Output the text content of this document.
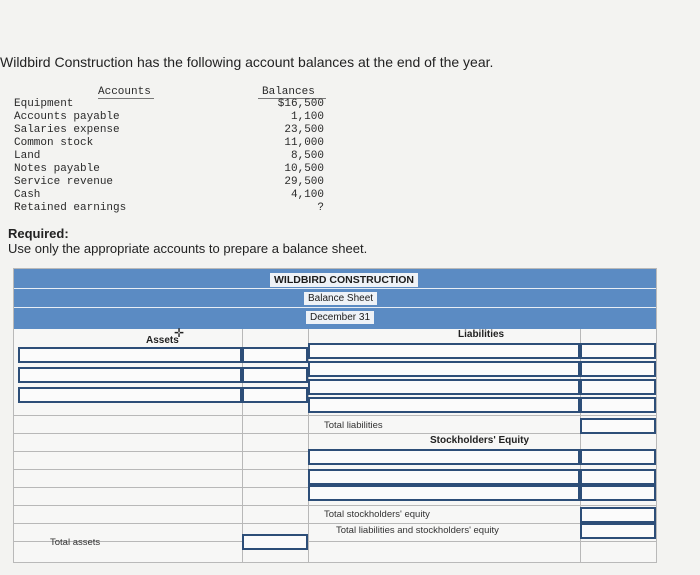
Wildbird Construction has the following account balances at the end of the year.

Accounts	Balances
Equipment	$16,500
Accounts payable	1,100
Salaries expense	23,500
Common stock	11,000
Land	8,500
Notes payable	10,500
Service revenue	29,500
Cash	4,100
Retained earnings	?
Required:
Use only the appropriate accounts to prepare a balance sheet.
WILDBIRD CONSTRUCTION
Balance Sheet
December 31
Assets
✛	Liabilities
Total liabilities
Stockholders' Equity
Total stockholders' equity
Total liabilities and stockholders' equity
Total assets
